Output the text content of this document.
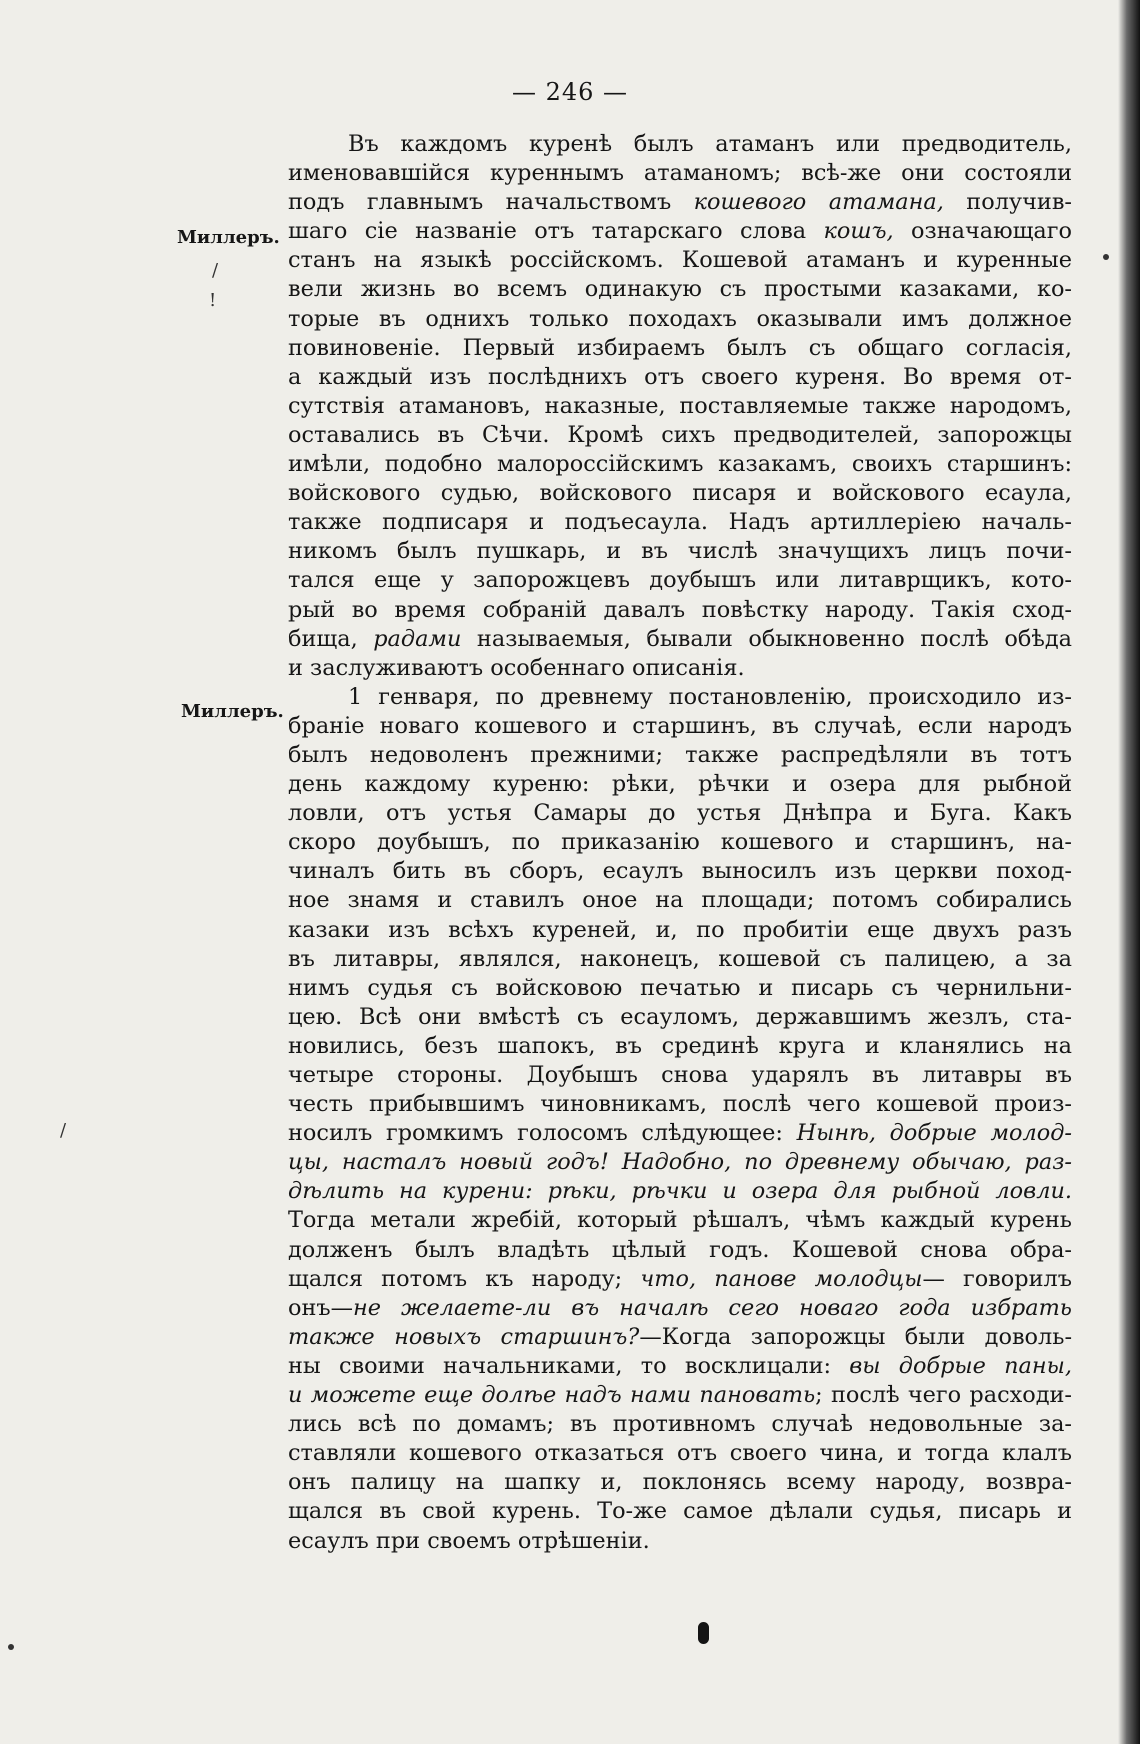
— 246 —
Миллеръ.
Миллеръ.
Въ каждомъ куренѣ былъ атаманъ или предводитель,
именовавшійся куреннымъ атаманомъ; всѣ-же они состояли
подъ главнымъ начальствомъ кошевого атамана, получив-
шаго сіе названіе отъ татарскаго слова кошъ, означающаго
станъ на языкѣ россійскомъ. Кошевой атаманъ и куренные
вели жизнь во всемъ одинакую съ простыми казаками, ко-
торые въ однихъ только походахъ оказывали имъ должное
повиновеніе. Первый избираемъ былъ съ общаго согласія,
а каждый изъ послѣднихъ отъ своего куреня. Во время от-
сутствія атамановъ, наказные, поставляемые также народомъ,
оставались въ Сѣчи. Кромѣ сихъ предводителей, запорожцы
имѣли, подобно малороссійскимъ казакамъ, своихъ старшинъ:
войскового судью, войскового писаря и войскового есаула,
также подписаря и подъесаула. Надъ артиллеріею началь-
никомъ былъ пушкарь, и въ числѣ значущихъ лицъ почи-
тался еще у запорожцевъ доубышъ или литаврщикъ, кото-
рый во время собраній давалъ повѣстку народу. Такія сход-
бища, радами называемыя, бывали обыкновенно послѣ обѣда
и заслуживаютъ особеннаго описанія.
1 генваря, по древнему постановленію, происходило из-
браніе новаго кошевого и старшинъ, въ случаѣ, если народъ
былъ недоволенъ прежними; также распредѣляли въ тотъ
день каждому куреню: рѣки, рѣчки и озера для рыбной
ловли, отъ устья Самары до устья Днѣпра и Буга. Какъ
скоро доубышъ, по приказанію кошевого и старшинъ, на-
чиналъ бить въ сборъ, есаулъ выносилъ изъ церкви поход-
ное знамя и ставилъ оное на площади; потомъ собирались
казаки изъ всѣхъ куреней, и, по пробитіи еще двухъ разъ
въ литавры, являлся, наконецъ, кошевой съ палицею, а за
нимъ судья съ войсковою печатью и писарь съ чернильни-
цею. Всѣ они вмѣстѣ съ есауломъ, державшимъ жезлъ, ста-
новились, безъ шапокъ, въ срединѣ круга и кланялись на
четыре стороны. Доубышъ снова ударялъ въ литавры въ
честь прибывшимъ чиновникамъ, послѣ чего кошевой произ-
носилъ громкимъ голосомъ слѣдующее: Нынѣ, добрые молод-
цы, насталъ новый годъ! Надобно, по древнему обычаю, раз-
дѣлить на курени: рѣки, рѣчки и озера для рыбной ловли.
Тогда метали жребій, который рѣшалъ, чѣмъ каждый курень
долженъ былъ владѣть цѣлый годъ. Кошевой снова обра-
щался потомъ къ народу; что, панове молодцы— говорилъ
онъ—не желаете-ли въ началѣ сего новаго года избрать
также новыхъ старшинъ?—Когда запорожцы были доволь-
ны своими начальниками, то восклицали: вы добрые паны,
и можете еще долѣе надъ нами пановать; послѣ чего расходи-
лись всѣ по домамъ; въ противномъ случаѣ недовольные за-
ставляли кошевого отказаться отъ своего чина, и тогда клалъ
онъ палицу на шапку и, поклонясь всему народу, возвра-
щался въ свой курень. То-же самое дѣлали судья, писарь и
есаулъ при своемъ отрѣшеніи.
/
!
/
